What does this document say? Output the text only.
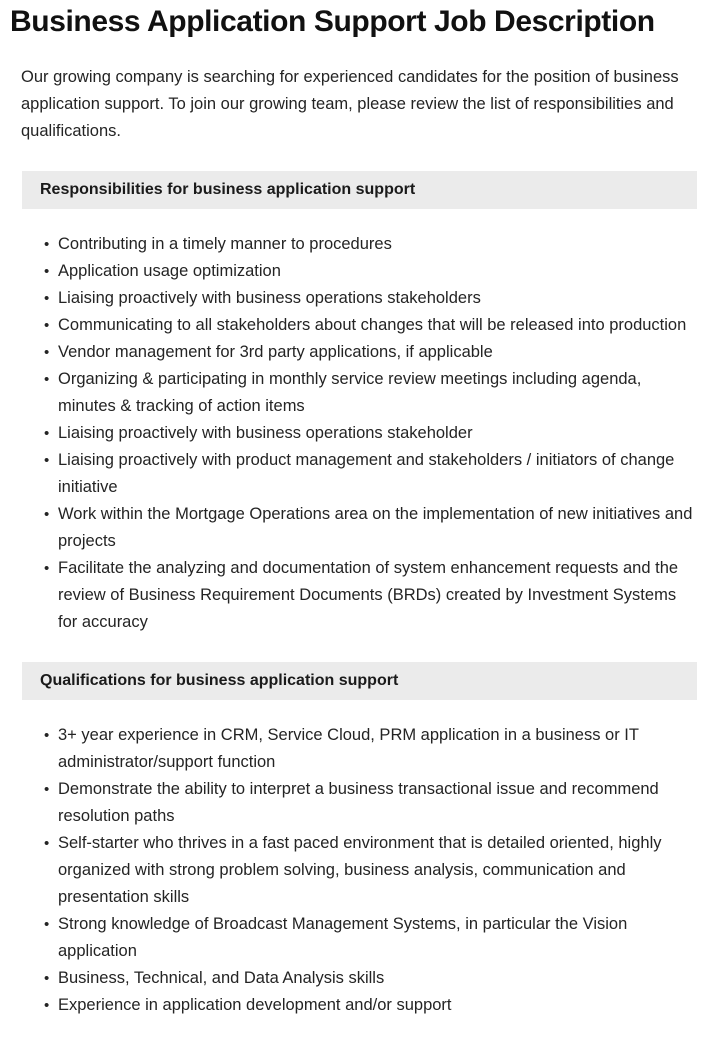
Business Application Support Job Description

Our growing company is searching for experienced candidates for the position of business application support. To join our growing team, please review the list of responsibilities and qualifications.

Responsibilities for business application support
• Contributing in a timely manner to procedures
• Application usage optimization
• Liaising proactively with business operations stakeholders
• Communicating to all stakeholders about changes that will be released into production
• Vendor management for 3rd party applications, if applicable
• Organizing & participating in monthly service review meetings including agenda, minutes & tracking of action items
• Liaising proactively with business operations stakeholder
• Liaising proactively with product management and stakeholders / initiators of change initiative
• Work within the Mortgage Operations area on the implementation of new initiatives and projects
• Facilitate the analyzing and documentation of system enhancement requests and the review of Business Requirement Documents (BRDs) created by Investment Systems for accuracy
Qualifications for business application support
• 3+ year experience in CRM, Service Cloud, PRM application in a business or IT administrator/support function
• Demonstrate the ability to interpret a business transactional issue and recommend resolution paths
• Self-starter who thrives in a fast paced environment that is detailed oriented, highly organized with strong problem solving, business analysis, communication and presentation skills
• Strong knowledge of Broadcast Management Systems, in particular the Vision application
• Business, Technical, and Data Analysis skills
• Experience in application development and/or support
